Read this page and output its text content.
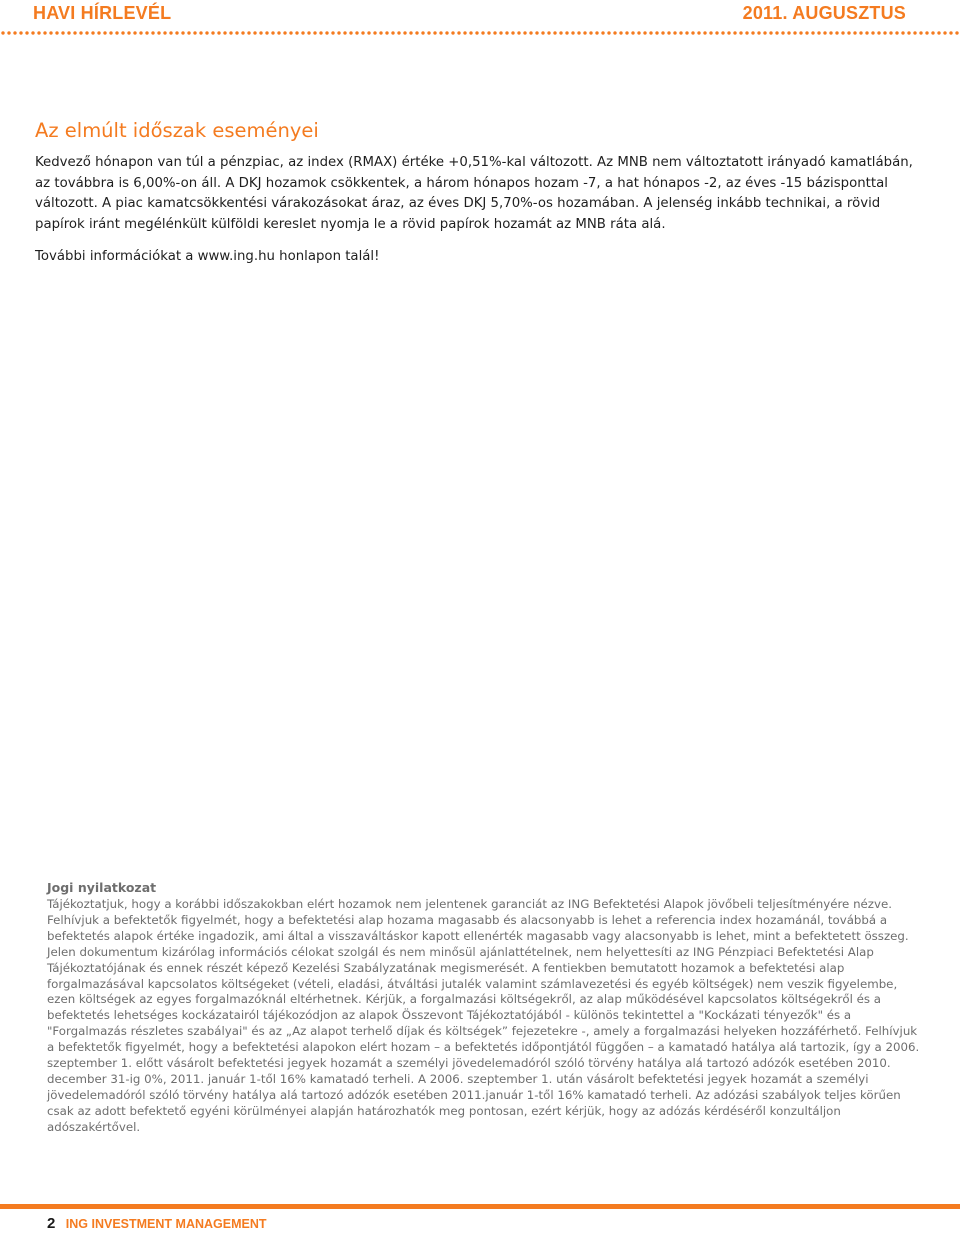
HAVI HÍRLEVÉL	2011. AUGUSZTUS
Az elmúlt időszak eseményei

Kedvező hónapon van túl a pénzpiac, az index (RMAX) értéke +0,51%-kal változott. Az MNB nem változtatott irányadó kamatlábán, az továbbra is 6,00%-on áll. A DKJ hozamok csökkentek, a három hónapos hozam -7, a hat hónapos -2, az éves -15 bázisponttal változott. A piac kamatcsökkentési várakozásokat áraz, az éves DKJ 5,70%-os hozamában. A jelenség inkább technikai, a rövid papírok iránt megélénkült külföldi kereslet nyomja le a rövid papírok hozamát az MNB ráta alá.

További információkat a www.ing.hu honlapon talál!

Jogi nyilatkozat

Tájékoztatjuk, hogy a korábbi időszakokban elért hozamok nem jelentenek garanciát az ING Befektetési Alapok jövőbeli teljesítményére nézve. Felhívjuk a befektetők figyelmét, hogy a befektetési alap hozama magasabb és alacsonyabb is lehet a referencia index hozamánál, továbbá a befektetés alapok értéke ingadozik, ami által a visszaváltáskor kapott ellenérték magasabb vagy alacsonyabb is lehet, mint a befektetett összeg. Jelen dokumentum kizárólag információs célokat szolgál és nem minősül ajánlattételnek, nem helyettesíti az ING Pénzpiaci Befektetési Alap Tájékoztatójának és ennek részét képező Kezelési Szabályzatának megismerését. A fentiekben bemutatott hozamok a befektetési alap forgalmazásával kapcsolatos költségeket (vételi, eladási, átváltási jutalék valamint számlavezetési és egyéb költségek) nem veszik figyelembe, ezen költségek az egyes forgalmazóknál eltérhetnek. Kérjük, a forgalmazási költségekről, az alap működésével kapcsolatos költségekről és a befektetés lehetséges kockázatairól tájékozódjon az alapok Összevont Tájékoztatójából - különös tekintettel a "Kockázati tényezők" és a "Forgalmazás részletes szabályai" és az „Az alapot terhelő díjak és költségek” fejezetekre -, amely a forgalmazási helyeken hozzáférhető. Felhívjuk a befektetők figyelmét, hogy a befektetési alapokon elért hozam – a befektetés időpontjától függően – a kamatadó hatálya alá tartozik, így a 2006. szeptember 1. előtt vásárolt befektetési jegyek hozamát a személyi jövedelemadóról szóló törvény hatálya alá tartozó adózók esetében 2010. december 31-ig 0%, 2011. január 1-től 16% kamatadó terheli. A 2006. szeptember 1. után vásárolt befektetési jegyek hozamát a személyi jövedelemadóról szóló törvény hatálya alá tartozó adózók esetében 2011.január 1-től 16% kamatadó terheli. Az adózási szabályok teljes körűen csak az adott befektető egyéni körülményei alapján határozhatók meg pontosan, ezért kérjük, hogy az adózás kérdéséről konzultáljon adószakértővel.

2 ING INVESTMENT MANAGEMENT
